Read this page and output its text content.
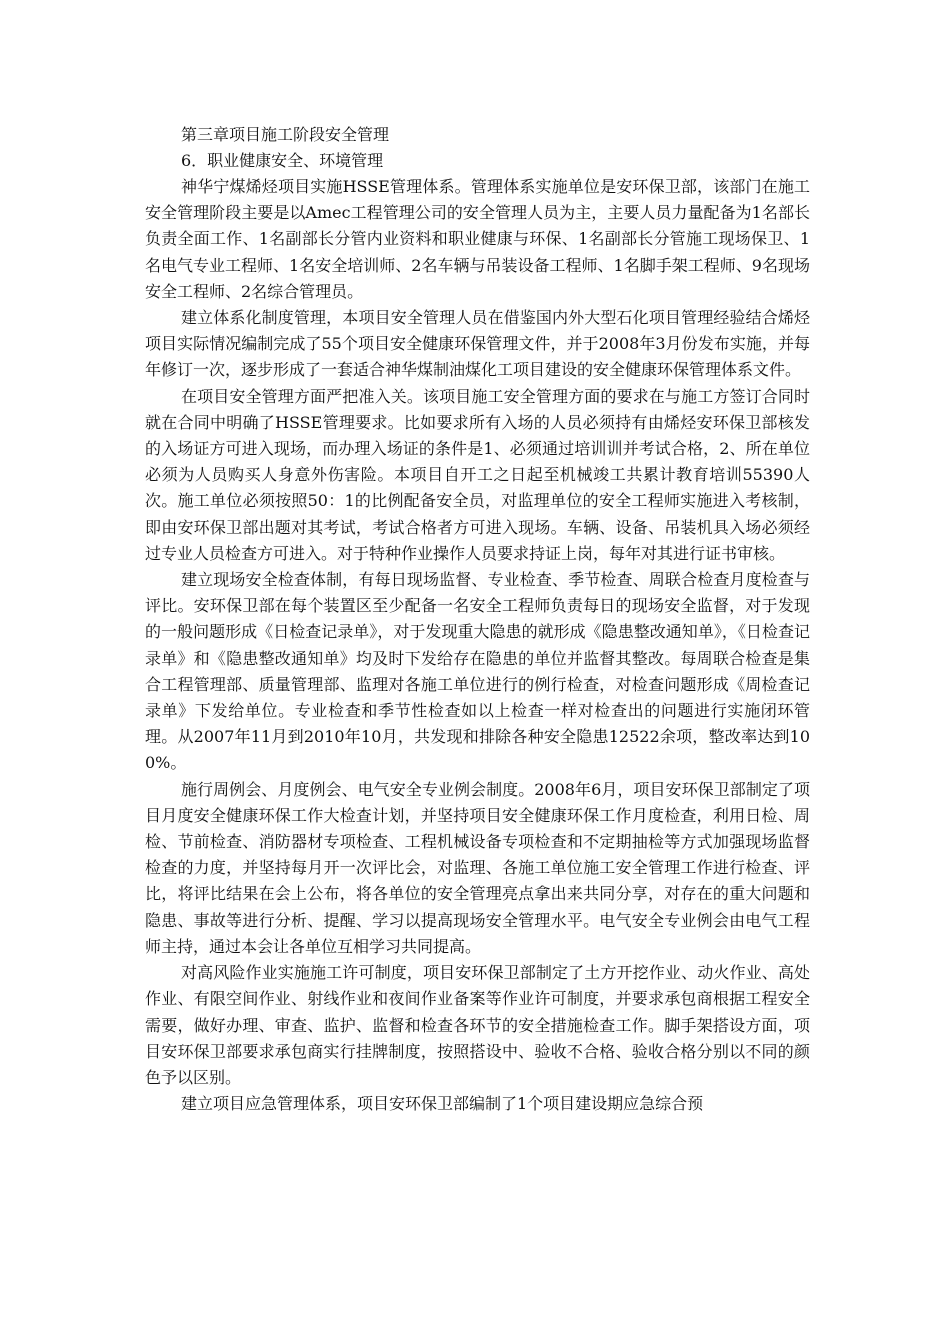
第三章项目施工阶段安全管理

6．职业健康安全、环境管理

神华宁煤烯烃项目实施HSSE管理体系。管理体系实施单位是安环保卫部，该部门在施工安全管理阶段主要是以Amec工程管理公司的安全管理人员为主，主要人员力量配备为1名部长负责全面工作、1名副部长分管内业资料和职业健康与环保、1名副部长分管施工现场保卫、1名电气专业工程师、1名安全培训师、2名车辆与吊装设备工程师、1名脚手架工程师、9名现场安全工程师、2名综合管理员。

建立体系化制度管理，本项目安全管理人员在借鉴国内外大型石化项目管理经验结合烯烃项目实际情况编制完成了55个项目安全健康环保管理文件，并于2008年3月份发布实施，并每年修订一次，逐步形成了一套适合神华煤制油煤化工项目建设的安全健康环保管理体系文件。

在项目安全管理方面严把准入关。该项目施工安全管理方面的要求在与施工方签订合同时就在合同中明确了HSSE管理要求。比如要求所有入场的人员必须持有由烯烃安环保卫部核发的入场证方可进入现场，而办理入场证的条件是1、必须通过培训训并考试合格，2、所在单位必须为人员购买人身意外伤害险。本项目自开工之日起至机械竣工共累计教育培训55390人次。施工单位必须按照50：1的比例配备安全员，对监理单位的安全工程师实施进入考核制，即由安环保卫部出题对其考试，考试合格者方可进入现场。车辆、设备、吊装机具入场必须经过专业人员检查方可进入。对于特种作业操作人员要求持证上岗，每年对其进行证书审核。

建立现场安全检查体制，有每日现场监督、专业检查、季节检查、周联合检查月度检查与评比。安环保卫部在每个装置区至少配备一名安全工程师负责每日的现场安全监督，对于发现的一般问题形成《日检查记录单》，对于发现重大隐患的就形成《隐患整改通知单》，《日检查记录单》和《隐患整改通知单》均及时下发给存在隐患的单位并监督其整改。每周联合检查是集合工程管理部、质量管理部、监理对各施工单位进行的例行检查，对检查问题形成《周检查记录单》下发给单位。专业检查和季节性检查如以上检查一样对检查出的问题进行实施闭环管理。从2007年11月到2010年10月，共发现和排除各种安全隐患12522余项，整改率达到100%。

施行周例会、月度例会、电气安全专业例会制度。2008年6月，项目安环保卫部制定了项目月度安全健康环保工作大检查计划，并坚持项目安全健康环保工作月度检查，利用日检、周检、节前检查、消防器材专项检查、工程机械设备专项检查和不定期抽检等方式加强现场监督检查的力度，并坚持每月开一次评比会，对监理、各施工单位施工安全管理工作进行检查、评比，将评比结果在会上公布，将各单位的安全管理亮点拿出来共同分享，对存在的重大问题和隐患、事故等进行分析、提醒、学习以提高现场安全管理水平。电气安全专业例会由电气工程师主持，通过本会让各单位互相学习共同提高。

对高风险作业实施施工许可制度，项目安环保卫部制定了土方开挖作业、动火作业、高处作业、有限空间作业、射线作业和夜间作业备案等作业许可制度，并要求承包商根据工程安全需要，做好办理、审查、监护、监督和检查各环节的安全措施检查工作。脚手架搭设方面，项目安环保卫部要求承包商实行挂牌制度，按照搭设中、验收不合格、验收合格分别以不同的颜色予以区别。

建立项目应急管理体系，项目安环保卫部编制了1个项目建设期应急综合预
